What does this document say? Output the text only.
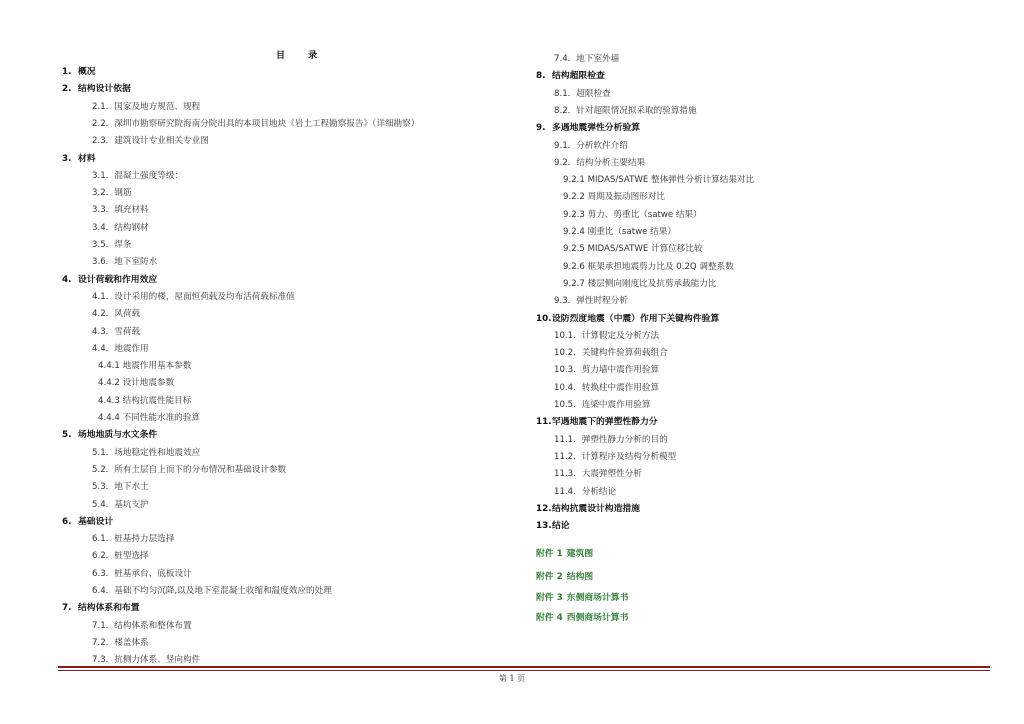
目 录
1. 概况
2. 结构设计依据
2.1．国家及地方规范、规程
2.2．深圳市勘察研究院海南分院出具的本项目地块《岩土工程勘察报告》（详细勘察）
2.3．建筑设计专业相关专业图
3. 材料
3.1．混凝土强度等级：
3.2．钢筋
3.3．填充材料
3.4．结构钢材
3.5．焊条
3.6．地下室防水
4. 设计荷载和作用效应
4.1．设计采用的楼，屋面恒荷载及均布活荷载标准值
4.2．风荷载
4.3．雪荷载
4.4．地震作用
4.4.1 地震作用基本参数
4.4.2 设计地震参数
4.4.3 结构抗震性能目标
4.4.4 不同性能水准的验算
5. 场地地质与水文条件
5.1．场地稳定性和地震效应
5.2．所有土层自上而下的分布情况和基础设计参数
5.3．地下水土
5.4．基坑支护
6. 基础设计
6.1．桩基持力层选择
6.2．桩型选择
6.3．桩基承台、底板设计
6.4．基础不均匀沉降,以及地下室混凝土收缩和温度效应的处理
7. 结构体系和布置
7.1．结构体系和整体布置
7.2．楼盖体系
7.3．抗侧力体系、竖向构件
7.4．地下室外墙
8. 结构超限检查
8.1．超限检查
8.2．针对超限情况拟采取的验算措施
9. 多遇地震弹性分析验算
9.1．分析软件介绍
9.2．结构分析主要结果
9.2.1 MIDAS/SATWE 整体弹性分析计算结果对比
9.2.2 周期及振动图形对比
9.2.3 剪力、剪重比（satwe 结果）
9.2.4 刚重比（satwe 结果）
9.2.5 MIDAS/SATWE 计算位移比较
9.2.6 框架承担地震剪力比及 0.2Q 调整系数
9.2.7 楼层侧向刚度比及抗剪承载能力比
9.3．弹性时程分析
10.设防烈度地震（中震）作用下关键构件验算
10.1．计算假定及分析方法
10.2．关键构件验算荷载组合
10.3．剪力墙中震作用验算
10.4．转换柱中震作用验算
10.5．连梁中震作用验算
11.罕遇地震下的弹塑性静力分
11.1．弹塑性静力分析的目的
11.2．计算程序及结构分析模型
11.3．大震弹塑性分析
11.4．分析结论
12.结构抗震设计构造措施
13.结论
附件 1 建筑图
附件 2 结构图
附件 3 东侧商场计算书
附件 4 西侧商场计算书
第 1 页
